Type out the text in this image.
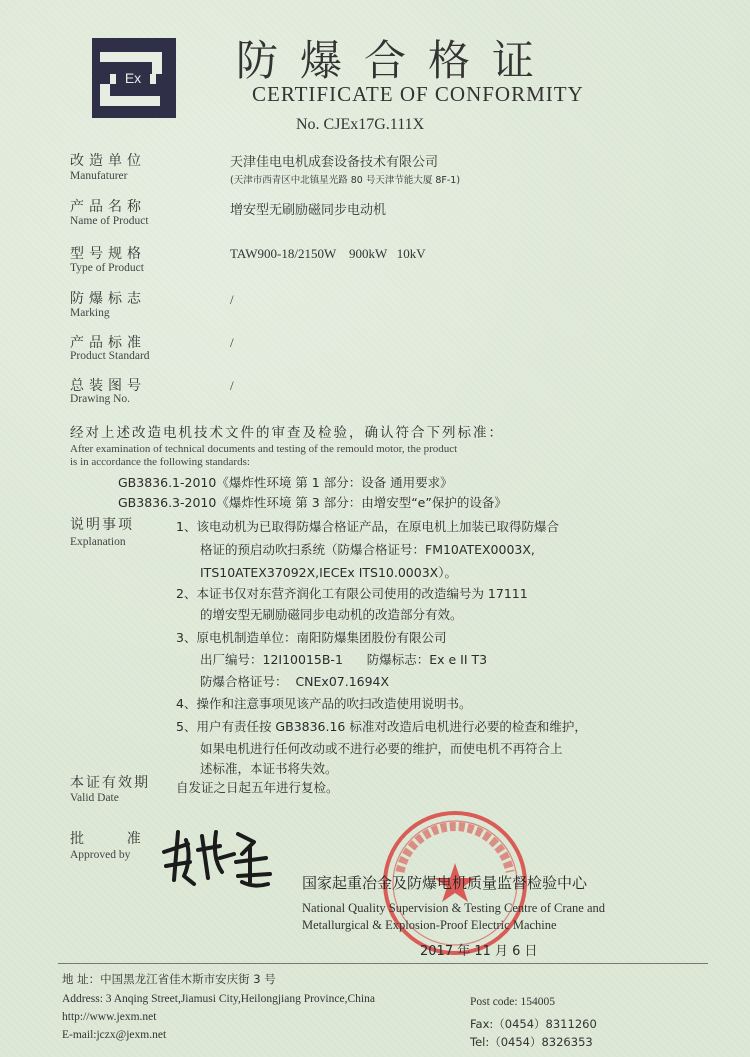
Ex 防爆合格证
CERTIFICATE OF CONFORMITY
No. CJEx17G.111X
改造单位
Manufaturer
天津佳电电机成套设备技术有限公司
(天津市西青区中北镇星光路 80 号天津节能大厦 8F-1)
产品名称
Name of Product
增安型无刷励磁同步电动机
型号规格
Type of Product
TAW900-18/2150W    900kW   10kV
防爆标志
Marking
/
产品标准
Product Standard
/
总装图号
Drawing No.
/
经对上述改造电机技术文件的审查及检验，确认符合下列标准：
After examination of technical documents and testing of the remould motor, the product
is in accordance the following standards:
GB3836.1-2010《爆炸性环境 第 1 部分：设备 通用要求》
GB3836.3-2010《爆炸性环境 第 3 部分：由增安型“e”保护的设备》
说明事项
Explanation
1、该电动机为已取得防爆合格证产品，在原电机上加装已取得防爆合
格证的预启动吹扫系统（防爆合格证号：FM10ATEX0003X,
ITS10ATEX37092X,IECEx ITS10.0003X）。
2、本证书仅对东营齐润化工有限公司使用的改造编号为 17111
的增安型无刷励磁同步电动机的改造部分有效。
3、原电机制造单位：南阳防爆集团股份有限公司
出厂编号：12I10015B-1      防爆标志：Ex e II T3
防爆合格证号：  CNEx07.1694X
4、操作和注意事项见该产品的吹扫改造使用说明书。
5、用户有责任按 GB3836.16 标准对改造后电机进行必要的检查和维护，
如果电机进行任何改动或不进行必要的维护，而使电机不再符合上
述标准，本证书将失效。
本证有效期
Valid Date
自发证之日起五年进行复检。
批    准
Approved by
国家起重冶金及防爆电机质量监督检验中心
National Quality Supervision & Testing Centre of Crane and
Metallurgical & Explosion-Proof Electric Machine
2017 年 11 月 6 日
地 址：中国黑龙江省佳木斯市安庆街 3 号
Address: 3 Anqing Street,Jiamusi City,Heilongjiang Province,China
http://www.jexm.net
E-mail:jczx@jexm.net
Post code: 154005
Fax:（0454）8311260
Tel:（0454）8326353
